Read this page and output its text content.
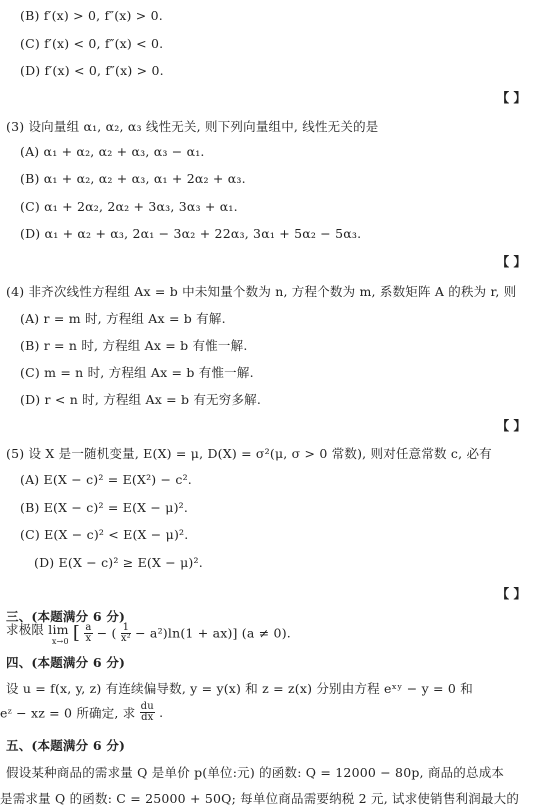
(B) f′(x) > 0, f″(x) > 0.
(C) f′(x) < 0, f″(x) < 0.
(D) f′(x) < 0, f″(x) > 0.
【 】
(3) 设向量组 α₁, α₂, α₃ 线性无关, 则下列向量组中, 线性无关的是
(A) α₁ + α₂, α₂ + α₃, α₃ − α₁.
(B) α₁ + α₂, α₂ + α₃, α₁ + 2α₂ + α₃.
(C) α₁ + 2α₂, 2α₂ + 3α₃, 3α₃ + α₁.
(D) α₁ + α₂ + α₃, 2α₁ − 3α₂ + 22α₃, 3α₁ + 5α₂ − 5α₃.
【 】
(4) 非齐次线性方程组 Ax = b 中未知量个数为 n, 方程个数为 m, 系数矩阵 A 的秩为 r, 则
(A) r = m 时, 方程组 Ax = b 有解.
(B) r = n 时, 方程组 Ax = b 有惟一解.
(C) m = n 时, 方程组 Ax = b 有惟一解.
(D) r < n 时, 方程组 Ax = b 有无穷多解.
【 】
(5) 设 X 是一随机变量, E(X) = μ, D(X) = σ²(μ, σ > 0 常数), 则对任意常数 c, 必有
(A) E(X − c)² = E(X²) − c².
(B) E(X − c)² = E(X − μ)².
(C) E(X − c)² < E(X − μ)².
(D) E(X − c)² ≥ E(X − μ)².
【 】
三、(本题满分 6 分)
求极限 lim
x→0 [ $\frac{a}{x}$ − ( $\frac{1}{\text{x²}} - a^2)\ln(1 + ax)$] (a ≠ 0).
四、(本题满分 6 分)
设 u = f(x, y, z) 有连续偏导数, y = y(x) 和 z = z(x) 分别由方程 eˣʸ − y = 0 和
eᶻ − xz = 0 所确定, 求 $\frac{du}{dx}$ .
五、(本题满分 6 分)
假设某种商品的需求量 Q 是单价 p(单位:元) 的函数: Q = 12000 − 80p, 商品的总成本
是需求量 Q 的函数: C = 25000 + 50Q; 每单位商品需要纳税 2 元, 试求使销售利润最大的
